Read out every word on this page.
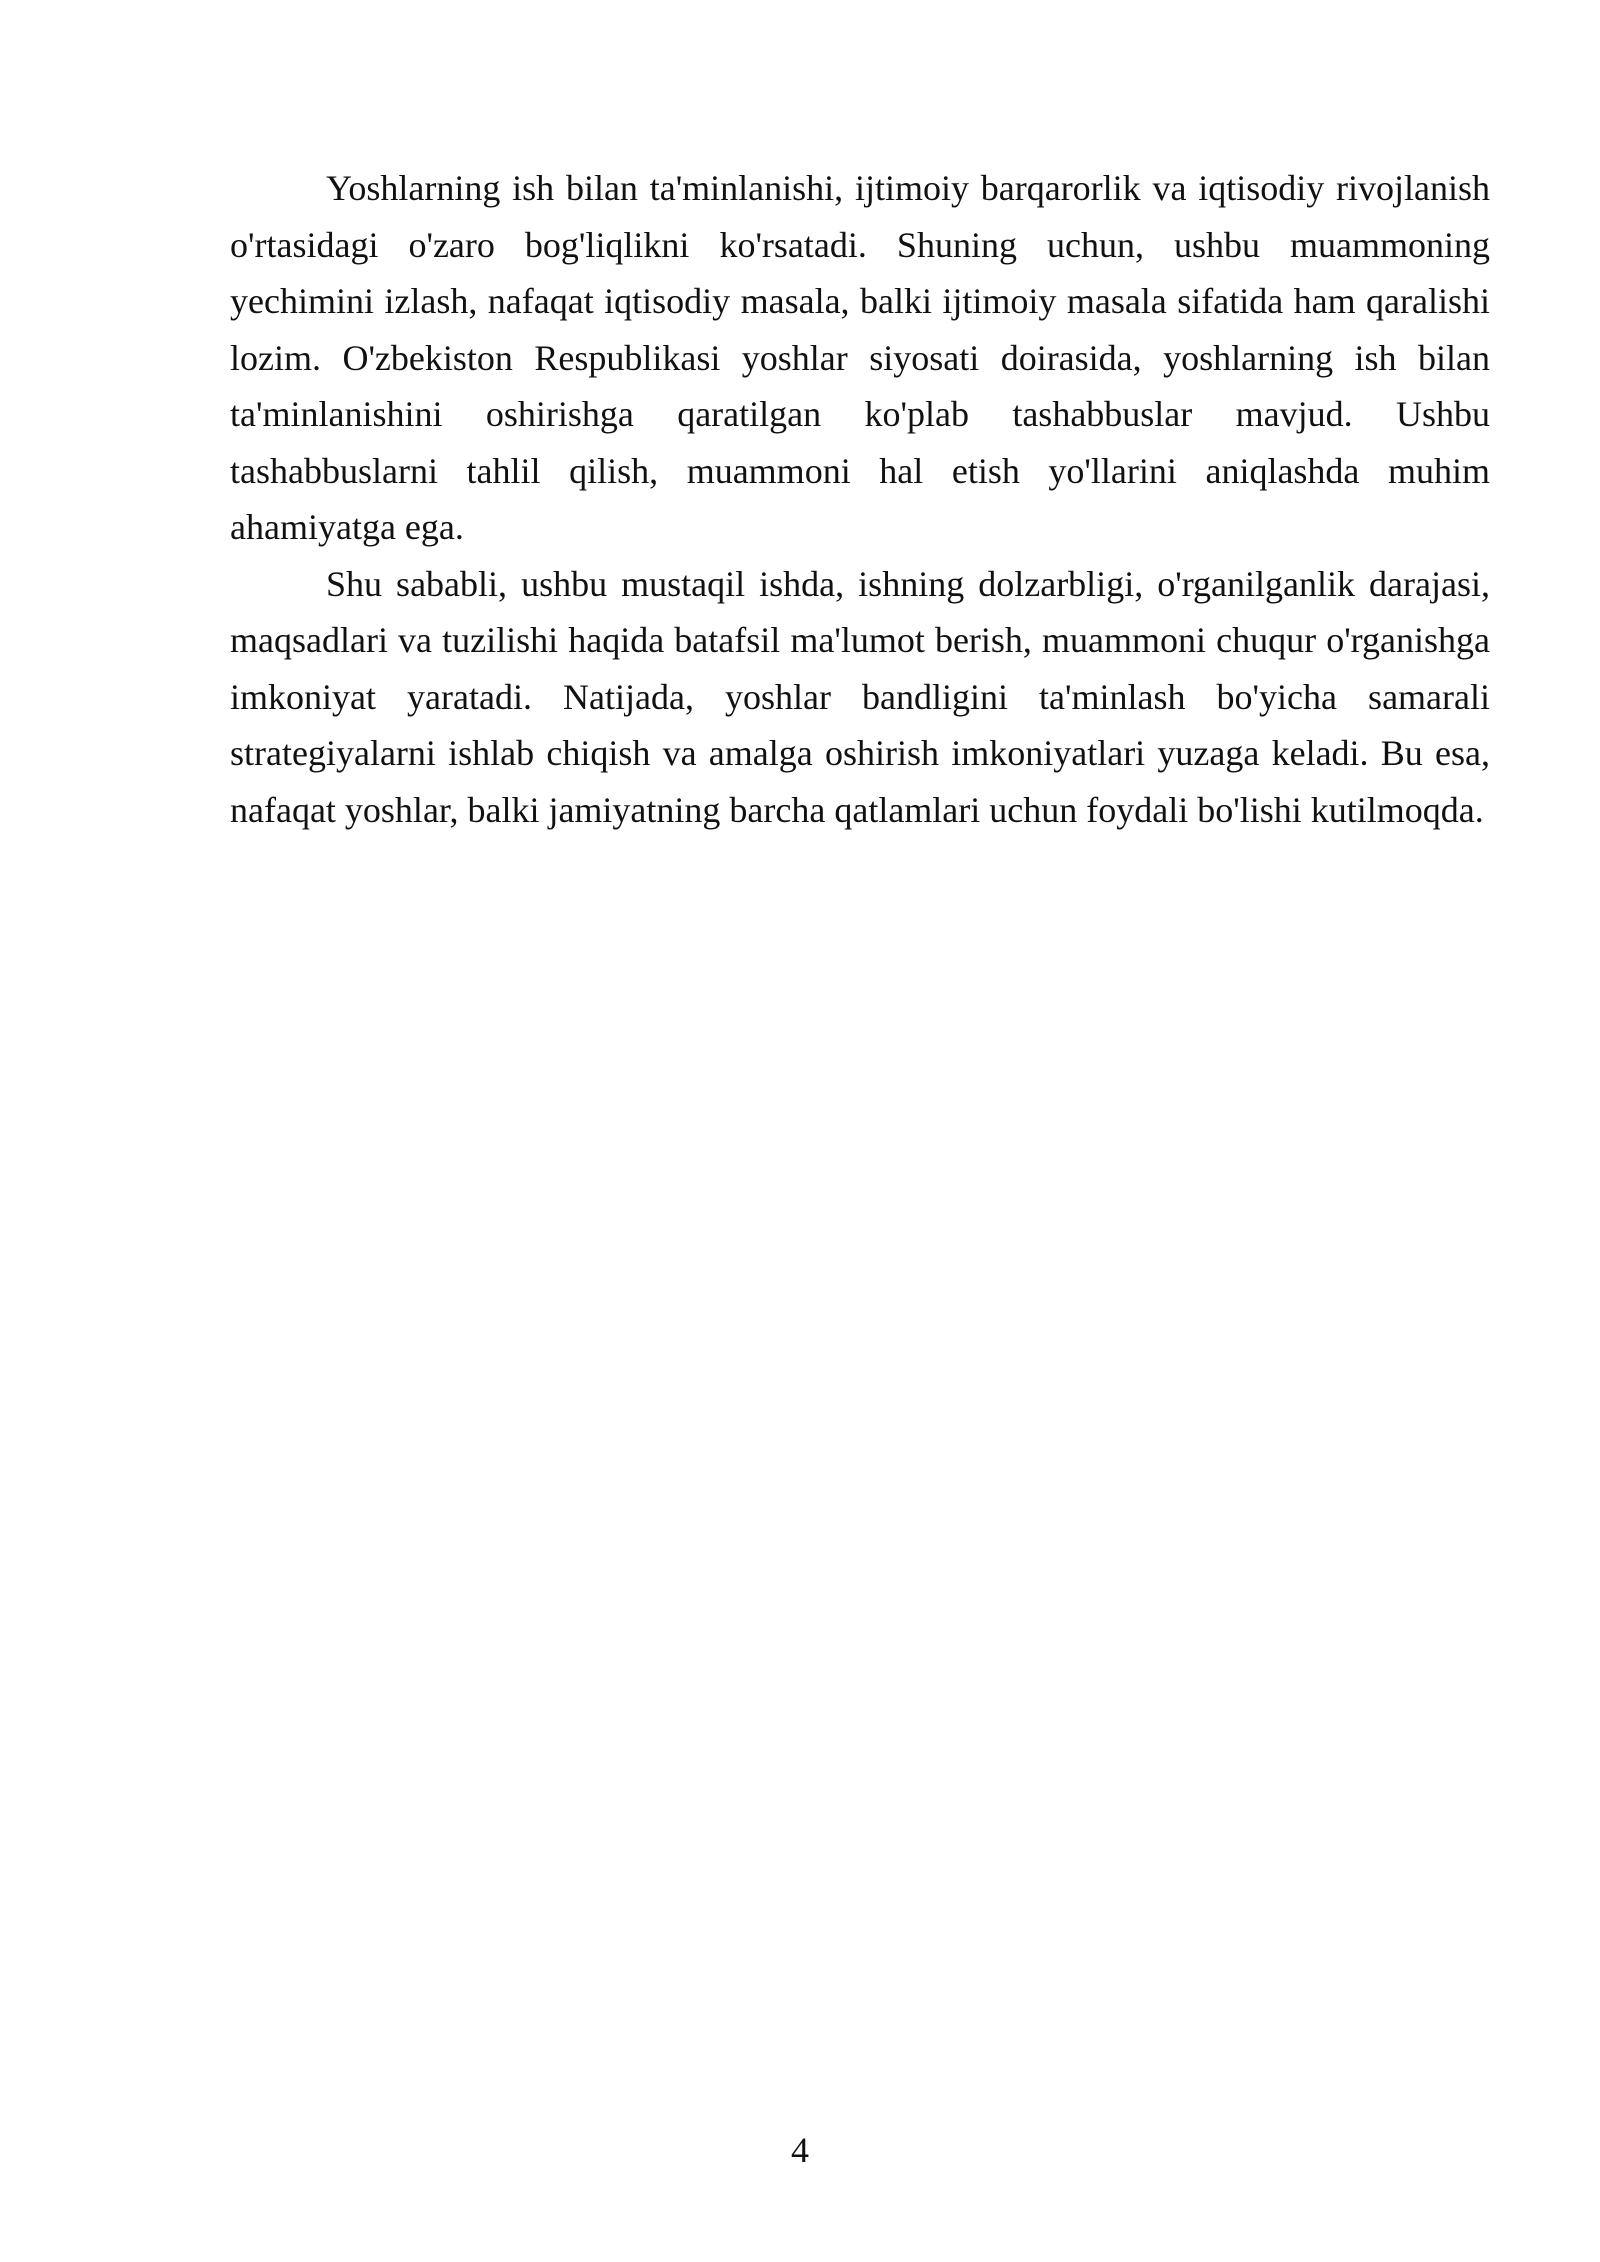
Yoshlarning ish bilan ta'minlanishi, ijtimoiy barqarorlik va iqtisodiy rivojlanish o'rtasidagi o'zaro bog'liqlikni ko'rsatadi. Shuning uchun, ushbu muammoning yechimini izlash, nafaqat iqtisodiy masala, balki ijtimoiy masala sifatida ham qaralishi lozim. O'zbekiston Respublikasi yoshlar siyosati doirasida, yoshlarning ish bilan ta'minlanishini oshirishga qaratilgan ko'plab tashabbuslar mavjud. Ushbu tashabbuslarni tahlil qilish, muammoni hal etish yo'llarini aniqlashda muhim ahamiyatga ega.

Shu sababli, ushbu mustaqil ishda, ishning dolzarbligi, o'rganilganlik darajasi, maqsadlari va tuzilishi haqida batafsil ma'lumot berish, muammoni chuqur o'rganishga imkoniyat yaratadi. Natijada, yoshlar bandligini ta'minlash bo'yicha samarali strategiyalarni ishlab chiqish va amalga oshirish imkoniyatlari yuzaga keladi. Bu esa, nafaqat yoshlar, balki jamiyatning barcha qatlamlari uchun foydali bo'lishi kutilmoqda.

4
